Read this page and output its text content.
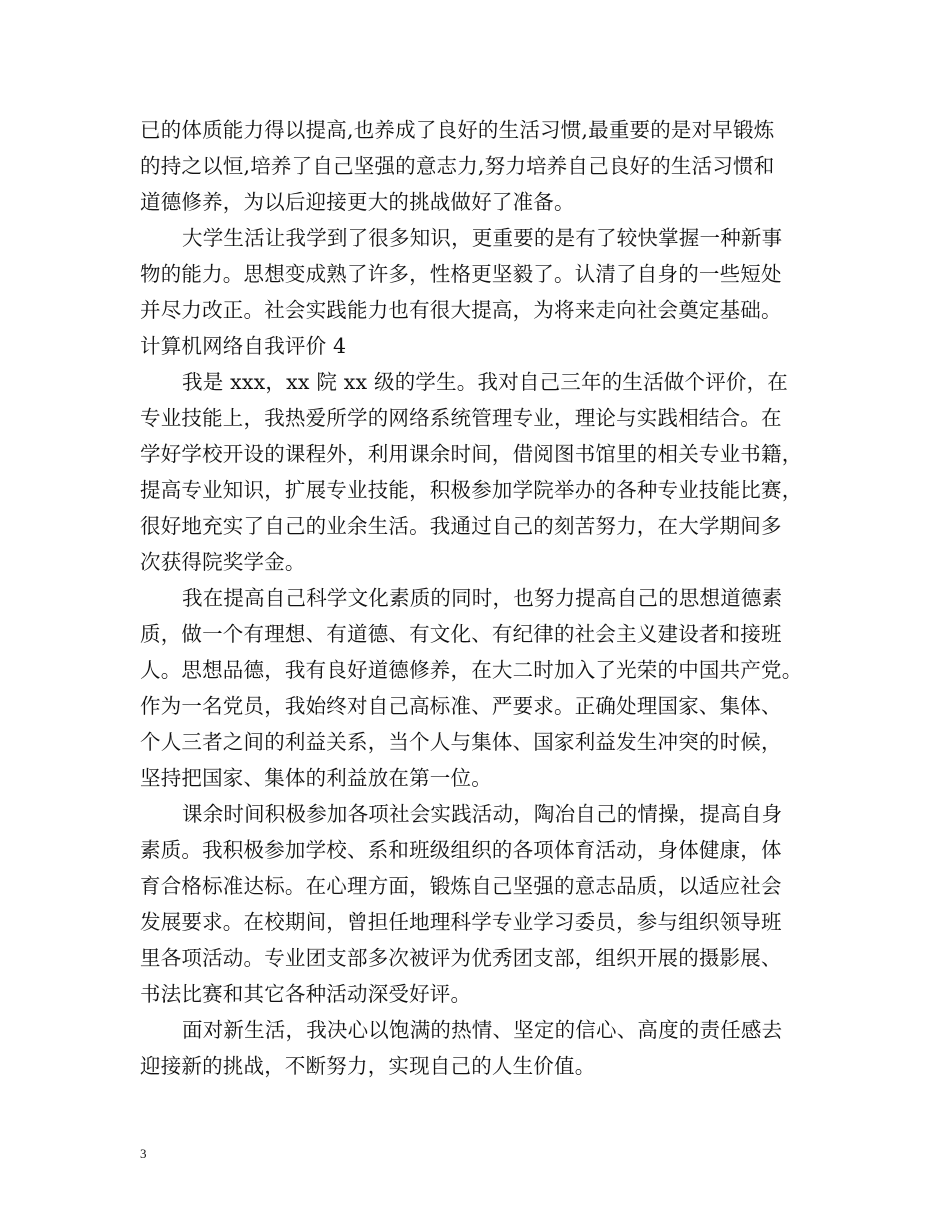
已的体质能力得以提高,也养成了良好的生活习惯,最重要的是对早锻炼
的持之以恒,培养了自己坚强的意志力,努力培养自己良好的生活习惯和
道德修养，为以后迎接更大的挑战做好了准备。
大学生活让我学到了很多知识，更重要的是有了较快掌握一种新事
物的能力。思想变成熟了许多，性格更坚毅了。认清了自身的一些短处
并尽力改正。社会实践能力也有很大提高，为将来走向社会奠定基础。
计算机网络自我评价 4
我是 xxx，xx 院 xx 级的学生。我对自己三年的生活做个评价，在
专业技能上，我热爱所学的网络系统管理专业，理论与实践相结合。在
学好学校开设的课程外，利用课余时间，借阅图书馆里的相关专业书籍，
提高专业知识，扩展专业技能，积极参加学院举办的各种专业技能比赛，
很好地充实了自己的业余生活。我通过自己的刻苦努力，在大学期间多
次获得院奖学金。
我在提高自己科学文化素质的同时，也努力提高自己的思想道德素
质，做一个有理想、有道德、有文化、有纪律的社会主义建设者和接班
人。思想品德，我有良好道德修养，在大二时加入了光荣的中国共产党。
作为一名党员，我始终对自己高标准、严要求。正确处理国家、集体、
个人三者之间的利益关系，当个人与集体、国家利益发生冲突的时候，
坚持把国家、集体的利益放在第一位。
课余时间积极参加各项社会实践活动，陶冶自己的情操，提高自身
素质。我积极参加学校、系和班级组织的各项体育活动，身体健康，体
育合格标准达标。在心理方面，锻炼自己坚强的意志品质，以适应社会
发展要求。在校期间，曾担任地理科学专业学习委员，参与组织领导班
里各项活动。专业团支部多次被评为优秀团支部，组织开展的摄影展、
书法比赛和其它各种活动深受好评。
面对新生活，我决心以饱满的热情、坚定的信心、高度的责任感去
迎接新的挑战，不断努力，实现自己的人生价值。
3
